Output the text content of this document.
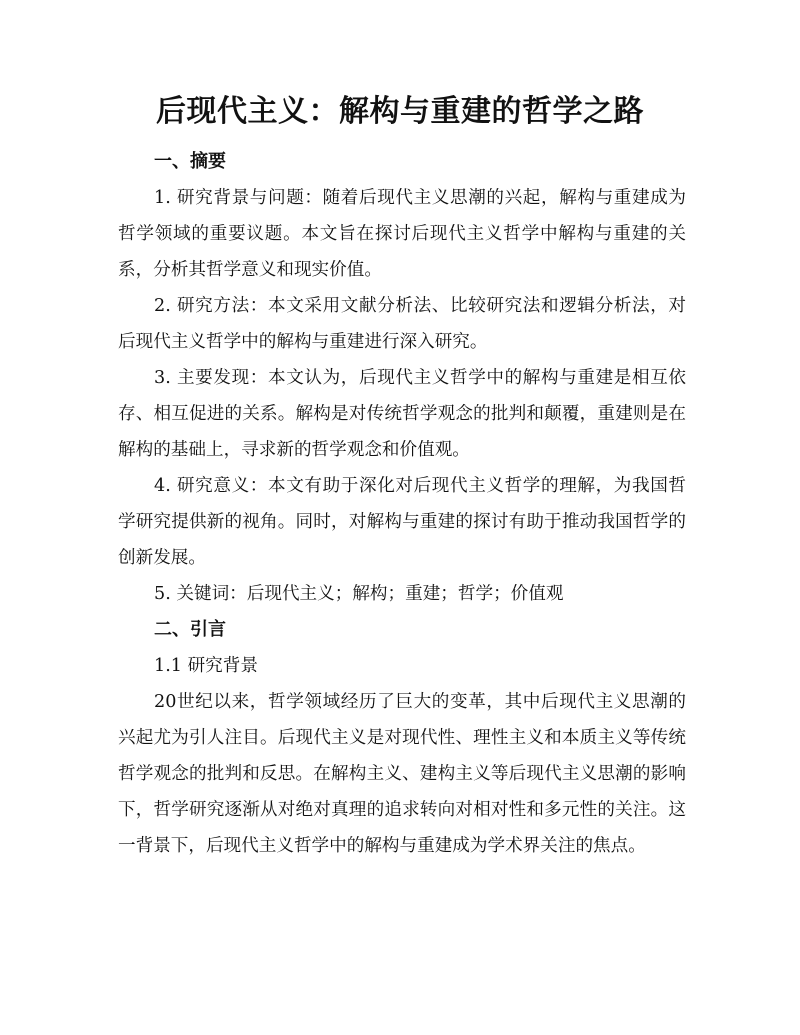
后现代主义：解构与重建的哲学之路
一、摘要

1. 研究背景与问题：随着后现代主义思潮的兴起，解构与重建成为哲学领域的重要议题。本文旨在探讨后现代主义哲学中解构与重建的关系，分析其哲学意义和现实价值。

2. 研究方法：本文采用文献分析法、比较研究法和逻辑分析法，对后现代主义哲学中的解构与重建进行深入研究。

3. 主要发现：本文认为，后现代主义哲学中的解构与重建是相互依存、相互促进的关系。解构是对传统哲学观念的批判和颠覆，重建则是在解构的基础上，寻求新的哲学观念和价值观。

4. 研究意义：本文有助于深化对后现代主义哲学的理解，为我国哲学研究提供新的视角。同时，对解构与重建的探讨有助于推动我国哲学的创新发展。

5. 关键词：后现代主义；解构；重建；哲学；价值观

二、引言

1.1 研究背景

20世纪以来，哲学领域经历了巨大的变革，其中后现代主义思潮的兴起尤为引人注目。后现代主义是对现代性、理性主义和本质主义等传统哲学观念的批判和反思。在解构主义、建构主义等后现代主义思潮的影响下，哲学研究逐渐从对绝对真理的追求转向对相对性和多元性的关注。这一背景下，后现代主义哲学中的解构与重建成为学术界关注的焦点。
